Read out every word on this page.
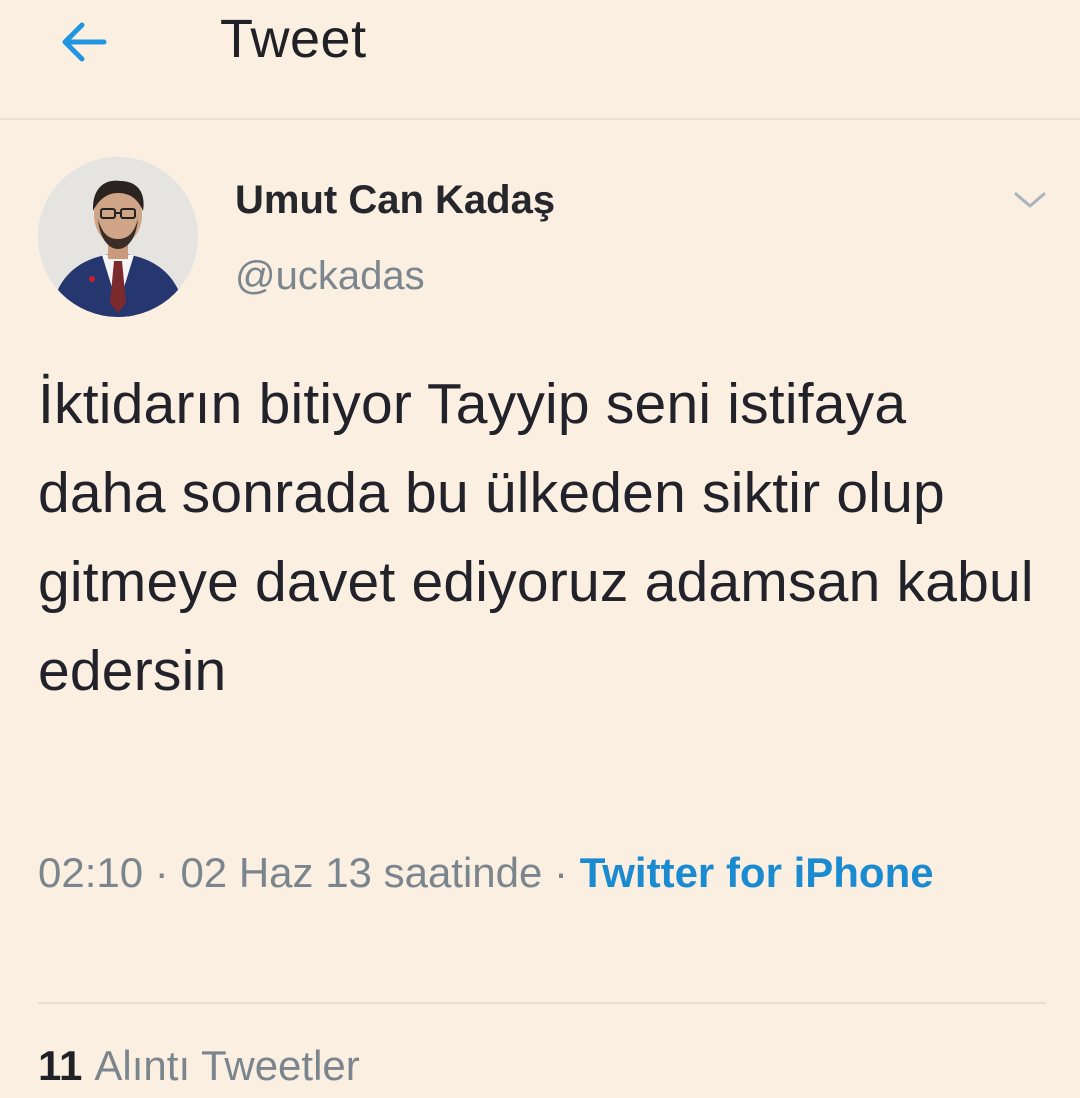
Tweet
Umut Can Kadaş
@uckadas
İktidarın bitiyor Tayyip seni istifaya daha sonrada bu ülkeden siktir olup gitmeye davet ediyoruz adamsan kabul edersin
02:10 · 02 Haz 13 saatinde · Twitter for iPhone
11 Alıntı Tweetler
